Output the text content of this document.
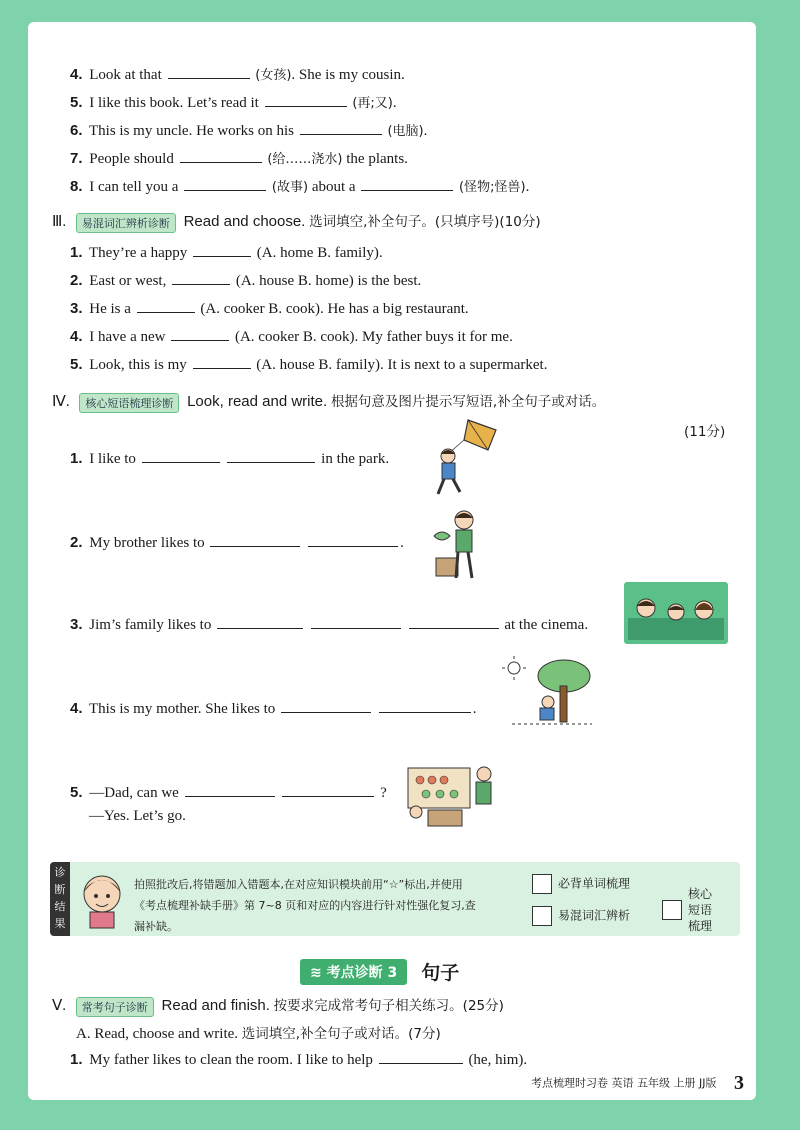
4. Look at that	(女孩). She is my cousin.
5. I like this book. Let’s read it	(再;又).
6. This is my uncle. He works on his	(电脑).
7. People should	(给……浇水) the plants.
8. I can tell you a	(故事) about a	(怪物;怪兽).
Ⅲ. 易混词汇辨析诊断 Read and choose. 选词填空,补全句子。(只填序号)(10分)
1. They’re a happy	(A. home B. family).
2. East or west,	(A. house B. home) is the best.
3. He is a	(A. cooker B. cook). He has a big restaurant.
4. I have a new	(A. cooker B. cook). My father buys it for me.
5. Look, this is my	(A. house B. family). It is next to a supermarket.
Ⅳ. 核心短语梳理诊断 Look, read and write. 根据句意及图片提示写短语,补全句子或对话。
(11分)
1. I like to	in the park.
2. My brother likes to	.
3. Jim’s family likes to	at the cinema.
4. This is my mother. She likes to	.
5. —Dad, can we	?
—Yes. Let’s go.
诊
断
结
果
拍照批改后,将错题加入错题本,在对应知识模块前用“☆”标出,并使用《考点梳理补缺手册》第 7~8 页和对应的内容进行针对性强化复习,查漏补缺。
必背单词梳理
易混词汇辨析
核心短语梳理
≋ 考点诊断 3 句子
Ⅴ. 常考句子诊断 Read and finish. 按要求完成常考句子相关练习。(25分)
A. Read, choose and write. 选词填空,补全句子或对话。(7分)
1. My father likes to clean the room. I like to help	(he, him).
考点梳理时习卷 英语 五年级 上册 JJ版 3
